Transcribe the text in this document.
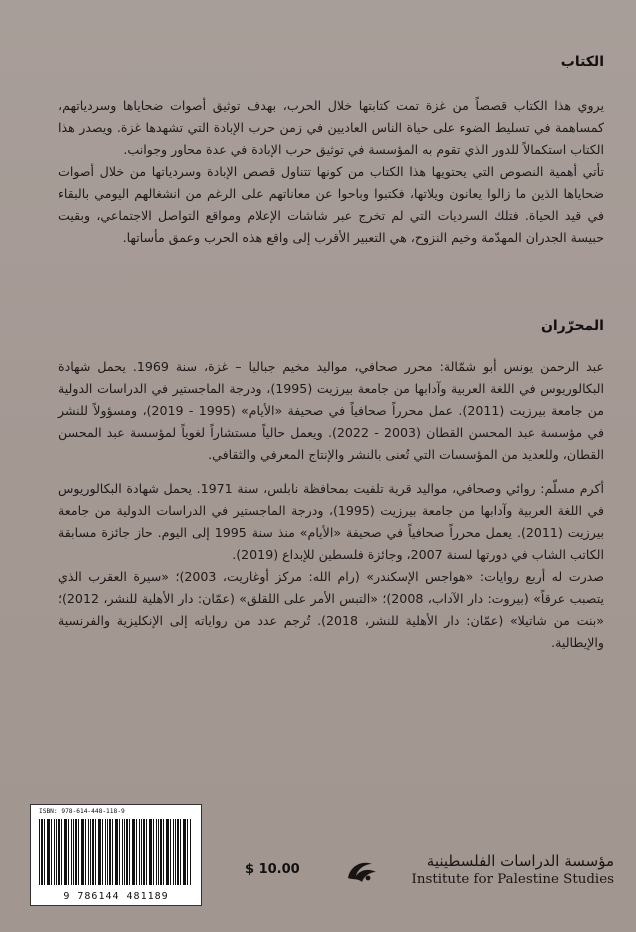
الكتاب
يروي هذا الكتاب قصصاً من غزة تمت كتابتها خلال الحرب، بهدف توثيق أصوات ضحاياها وسردياتهم، كمساهمة في تسليط الضوء على حياة الناس العاديين في زمن حرب الإبادة التي تشهدها غزة. ويصدر هذا الكتاب استكمالاً للدور الذي تقوم به المؤسسة في توثيق حرب الإبادة في عدة محاور وجوانب.
تأتي أهمية النصوص التي يحتويها هذا الكتاب من كونها تتناول قصص الإبادة وسردياتها من خلال أصوات ضحاياها الذين ما زالوا يعانون ويلاتها، فكتبوا وباحوا عن معاناتهم على الرغم من انشغالهم اليومي بالبقاء في قيد الحياة. فتلك السرديات التي لم تخرج عبر شاشات الإعلام ومواقع التواصل الاجتماعي، وبقيت حبيسة الجدران المهدّمة وخيم النزوح، هي التعبير الأقرب إلى واقع هذه الحرب وعمق مأساتها.
المحرّران
عبد الرحمن يونس أبو شمّالة: محرر صحافي، مواليد مخيم جباليا – غزة، سنة 1969. يحمل شهادة البكالوريوس في اللغة العربية وآدابها من جامعة بيرزيت (1995)، ودرجة الماجستير في الدراسات الدولية من جامعة بيرزيت (2011). عمل محرراً صحافياً في صحيفة «الأيام» (1995 - 2019)، ومسؤولاً للنشر في مؤسسة عبد المحسن القطان (2003 - 2022). ويعمل حالياً مستشاراً لغوياً لمؤسسة عبد المحسن القطان، وللعديد من المؤسسات التي تُعنى بالنشر والإنتاج المعرفي والثقافي.
أكرم مسلّم: روائي وصحافي، مواليد قرية تلفيت بمحافظة نابلس، سنة 1971. يحمل شهادة البكالوريوس في اللغة العربية وآدابها من جامعة بيرزيت (1995)، ودرجة الماجستير في الدراسات الدولية من جامعة بيرزيت (2011). يعمل محرراً صحافياً في صحيفة «الأيام» منذ سنة 1995 إلى اليوم. حاز جائزة مسابقة الكاتب الشاب في دورتها لسنة 2007، وجائزة فلسطين للإبداع (2019).
صدرت له أربع روايات: «هواجس الإسكندر» (رام الله: مركز أوغاريت، 2003)؛ «سيرة العقرب الذي يتصبب عرقاً» (بيروت: دار الآداب، 2008)؛ «التبس الأمر على اللقلق» (عمّان: دار الأهلية للنشر، 2012)؛ «بنت من شاتيلا» (عمّان: دار الأهلية للنشر، 2018). تُرجم عدد من رواياته إلى الإنكليزية والفرنسية والإيطالية.
ISBN: 978-614-448-118-9
9 786144 481189
$ 10.00	مؤسسة الدراسات الفلسطينية
Institute for Palestine Studies
